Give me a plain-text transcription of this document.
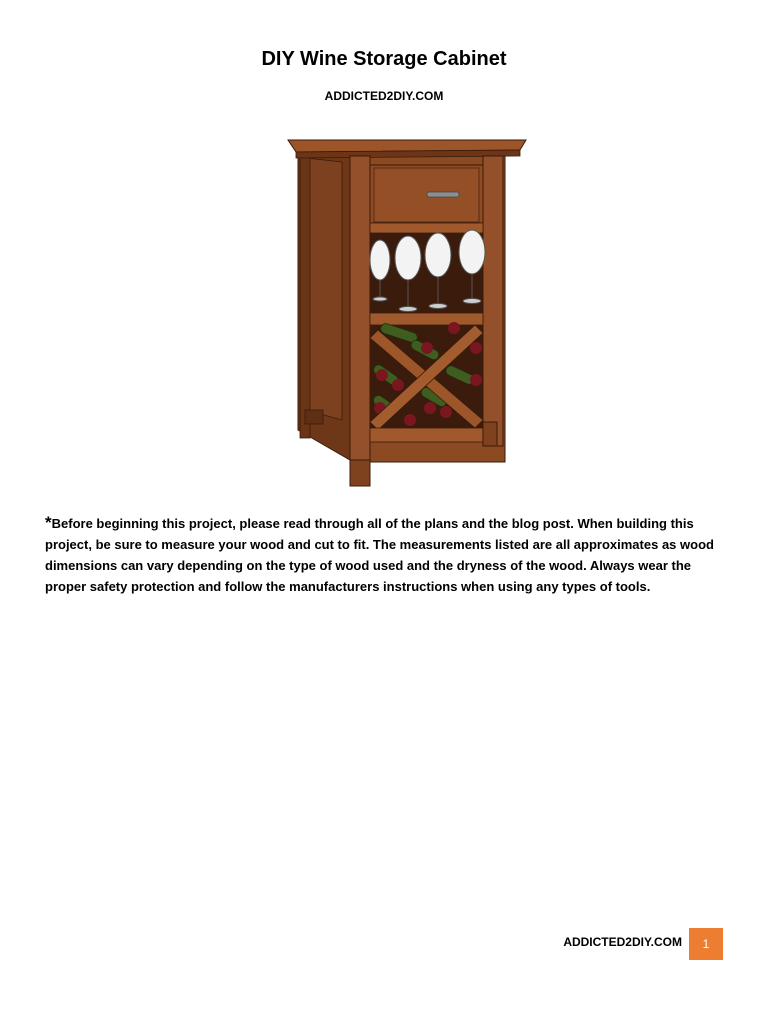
DIY Wine Storage Cabinet
ADDICTED2DIY.COM
*Before beginning this project, please read through all of the plans and the blog post. When building this project, be sure to measure your wood and cut to fit. The measurements listed are all approximates as wood dimensions can vary depending on the type of wood used and the dryness of the wood. Always wear the proper safety protection and follow the manufacturers instructions when using any types of tools.
ADDICTED2DIY.COM	1
